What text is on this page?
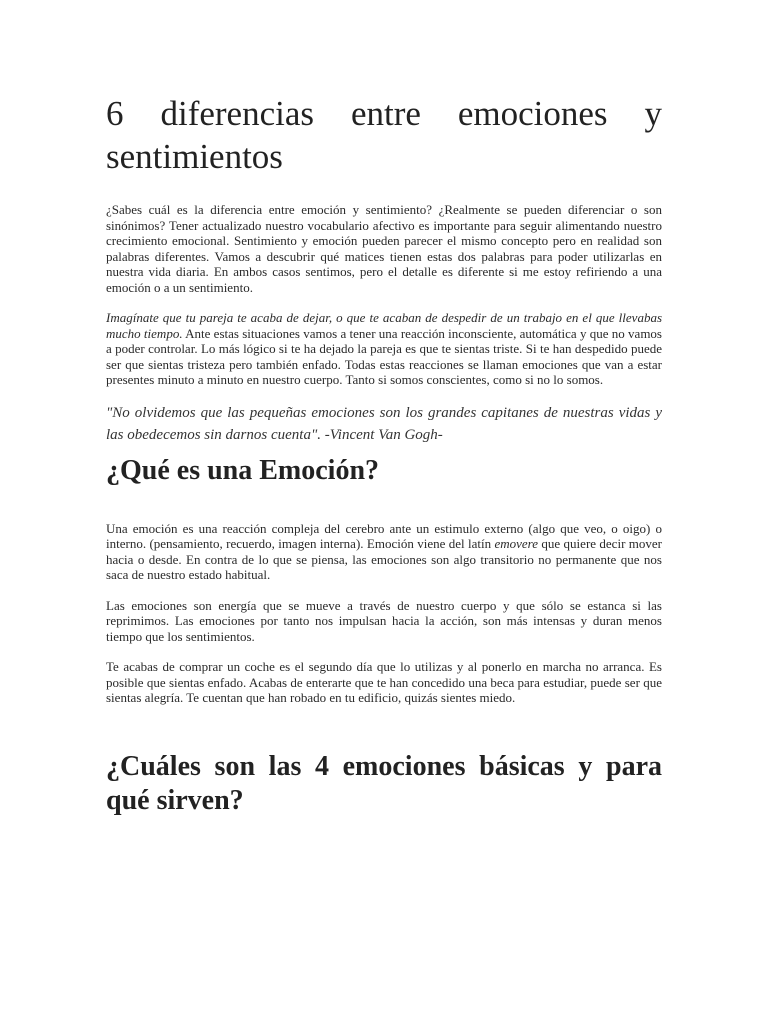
6 diferencias entre emociones y sentimientos

¿Sabes cuál es la diferencia entre emoción y sentimiento? ¿Realmente se pueden diferenciar o son sinónimos? Tener actualizado nuestro vocabulario afectivo es importante para seguir alimentando nuestro crecimiento emocional. Sentimiento y emoción pueden parecer el mismo concepto pero en realidad son palabras diferentes. Vamos a descubrir qué matices tienen estas dos palabras para poder utilizarlas en nuestra vida diaria. En ambos casos sentimos, pero el detalle es diferente si me estoy refiriendo a una emoción o a un sentimiento.

Imagínate que tu pareja te acaba de dejar, o que te acaban de despedir de un trabajo en el que llevabas mucho tiempo. Ante estas situaciones vamos a tener una reacción inconsciente, automática y que no vamos a poder controlar. Lo más lógico si te ha dejado la pareja es que te sientas triste. Si te han despedido puede ser que sientas tristeza pero también enfado. Todas estas reacciones se llaman emociones que van a estar presentes minuto a minuto en nuestro cuerpo. Tanto si somos conscientes, como si no lo somos.

"No olvidemos que las pequeñas emociones son los grandes capitanes de nuestras vidas y las obedecemos sin darnos cuenta". -Vincent Van Gogh-
¿Qué es una Emoción?

Una emoción es una reacción compleja del cerebro ante un estimulo externo (algo que veo, o oigo) o interno. (pensamiento, recuerdo, imagen interna). Emoción viene del latín emovere que quiere decir mover hacia o desde. En contra de lo que se piensa, las emociones son algo transitorio no permanente que nos saca de nuestro estado habitual.

Las emociones son energía que se mueve a través de nuestro cuerpo y que sólo se estanca si las reprimimos. Las emociones por tanto nos impulsan hacia la acción, son más intensas y duran menos tiempo que los sentimientos.

Te acabas de comprar un coche es el segundo día que lo utilizas y al ponerlo en marcha no arranca. Es posible que sientas enfado. Acabas de enterarte que te han concedido una beca para estudiar, puede ser que sientas alegría. Te cuentan que han robado en tu edificio, quizás sientes miedo.

¿Cuáles son las 4 emociones básicas y para qué sirven?
